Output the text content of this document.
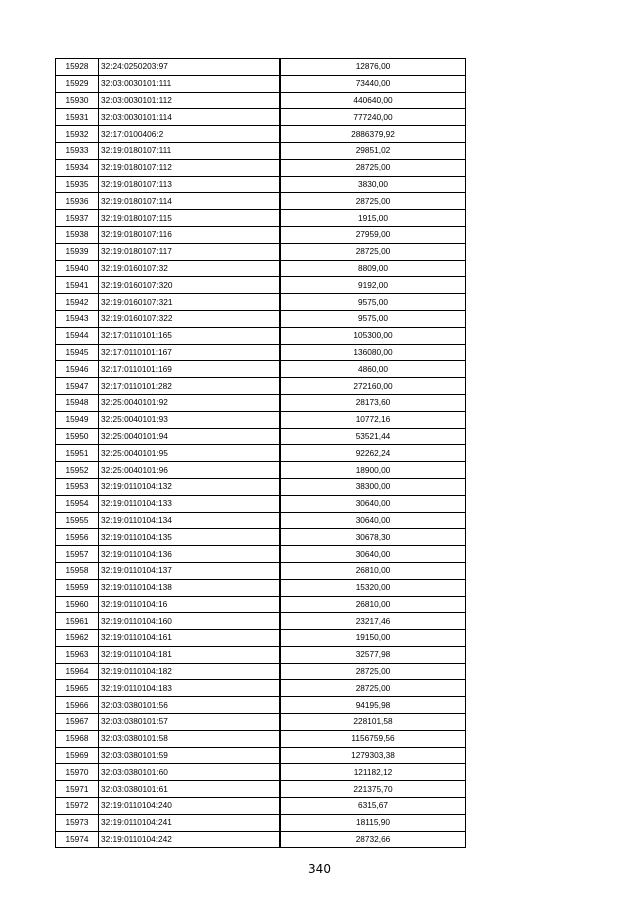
15928	32:24:0250203:97	12876,00
15929	32:03:0030101:111	73440,00
15930	32:03:0030101:112	440640,00
15931	32:03:0030101:114	777240,00
15932	32:17:0100406:2	2886379,92
15933	32:19:0180107:111	29851,02
15934	32:19:0180107:112	28725,00
15935	32:19:0180107:113	3830,00
15936	32:19:0180107:114	28725,00
15937	32:19:0180107:115	1915,00
15938	32:19:0180107:116	27959,00
15939	32:19:0180107:117	28725,00
15940	32:19:0160107:32	8809,00
15941	32:19:0160107:320	9192,00
15942	32:19:0160107:321	9575,00
15943	32:19:0160107:322	9575,00
15944	32:17:0110101:165	105300,00
15945	32:17:0110101:167	136080,00
15946	32:17:0110101:169	4860,00
15947	32:17:0110101:282	272160,00
15948	32:25:0040101:92	28173,60
15949	32:25:0040101:93	10772,16
15950	32:25:0040101:94	53521,44
15951	32:25:0040101:95	92262,24
15952	32:25:0040101:96	18900,00
15953	32:19:0110104:132	38300,00
15954	32:19:0110104:133	30640,00
15955	32:19:0110104:134	30640,00
15956	32:19:0110104:135	30678,30
15957	32:19:0110104:136	30640,00
15958	32:19:0110104:137	26810,00
15959	32:19:0110104:138	15320,00
15960	32:19:0110104:16	26810,00
15961	32:19:0110104:160	23217,46
15962	32:19:0110104:161	19150,00
15963	32:19:0110104:181	32577,98
15964	32:19:0110104:182	28725,00
15965	32:19:0110104:183	28725,00
15966	32:03:0380101:56	94195,98
15967	32:03:0380101:57	228101,58
15968	32:03:0380101:58	1156759,56
15969	32:03:0380101:59	1279303,38
15970	32:03:0380101:60	121182,12
15971	32:03:0380101:61	221375,70
15972	32:19:0110104:240	6315,67
15973	32:19:0110104:241	18115,90
15974	32:19:0110104:242	28732,66
340
